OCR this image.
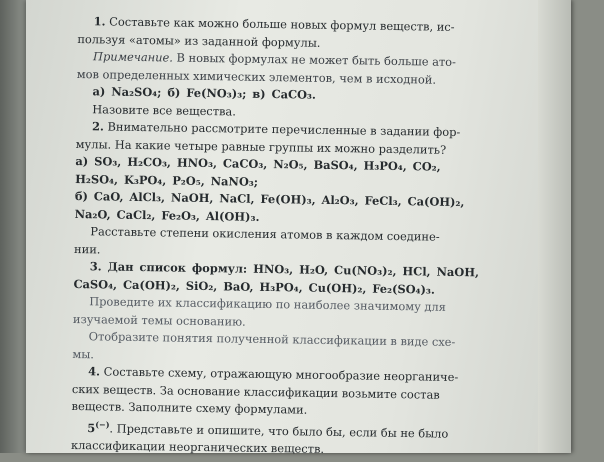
1. Составьте как можно больше новых формул веществ, ис-
пользуя «атомы» из заданной формулы.
Примечание. В новых формулах не может быть больше ато-
мов определенных химических элементов, чем в исходной.
а) Na₂SO₄; б) Fe(NO₃)₃; в) CaCO₃.
Назовите все вещества.
2. Внимательно рассмотрите перечисленные в задании фор-
мулы. На какие четыре равные группы их можно разделить?
а) SO₃, H₂CO₃, HNO₃, CaCO₃, N₂O₅, BaSO₄, H₃PO₄, CO₂,
H₂SO₄, K₃PO₄, P₂O₅, NaNO₃;
б) CaO, AlCl₃, NaOH, NaCl, Fe(OH)₃, Al₂O₃, FeCl₃, Ca(OH)₂,
Na₂O, CaCl₂, Fe₂O₃, Al(OH)₃.
Расставьте степени окисления атомов в каждом соедине-
нии.
3. Дан список формул: HNO₃, H₂O, Cu(NO₃)₂, HCl, NaOH,
CaSO₄, Ca(OH)₂, SiO₂, BaO, H₃PO₄, Cu(OH)₂, Fe₂(SO₄)₃.
Проведите их классификацию по наиболее значимому для
изучаемой темы основанию.
Отобразите понятия полученной классификации в виде схе-
мы.
4. Составьте схему, отражающую многообразие неорганиче-
ских веществ. За основание классификации возьмите состав
веществ. Заполните схему формулами.
5(−). Представьте и опишите, что было бы, если бы не было
классификации неорганических веществ.
